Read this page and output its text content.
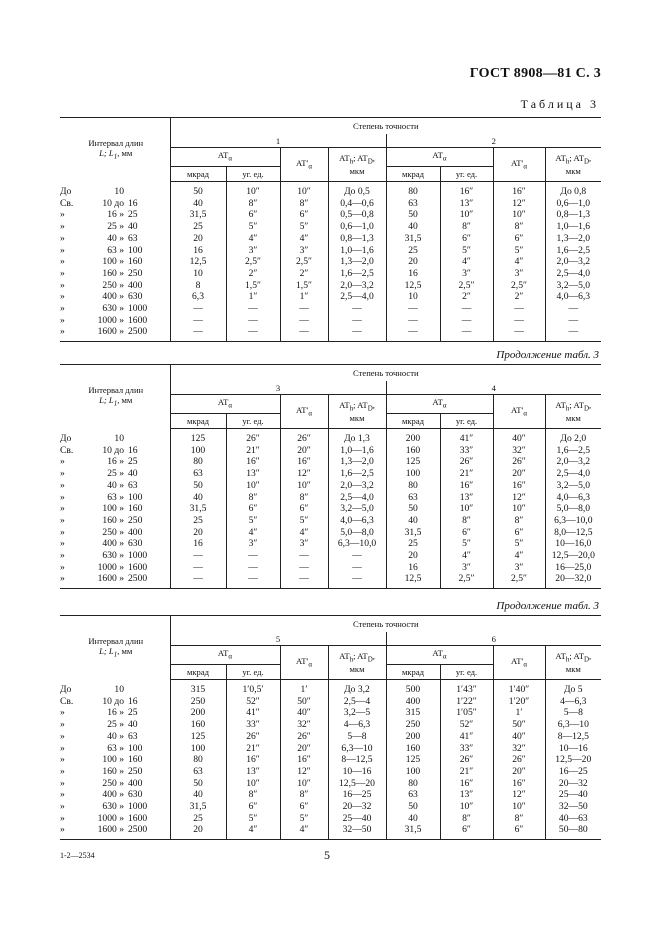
ГОСТ 8908—81 С. 3
Таблица 3
Интервал длин
L; $L_1$, мм	Степень точности							
	1				2			
	$AT_\alpha$		$AT'_\alpha$	$AT_h$; $AT_D$,
мкм	$AT_\alpha$		$AT'_\alpha$	$AT_h$; $AT_D$,
мкм
	мкрад	уг. ед.			мкрад	уг. ед.		

До 10	50	10″	10″	До 0,5	80	16″	16″	До 0,8

Св. 10 до 16	40	8″	8″	0,4—0,6	63	13″	12″	0,6—1,0

» 16 » 25	31,5	6″	6″	0,5—0,8	50	10″	10″	0,8—1,3

» 25 » 40	25	5″	5″	0,6—1,0	40	8″	8″	1,0—1,6

» 40 » 63	20	4″	4″	0,8—1,3	31,5	6″	6″	1,3—2,0

» 63 » 100	16	3″	3″	1,0—1,6	25	5″	5″	1,6—2,5

» 100 » 160	12,5	2,5″	2,5″	1,3—2,0	20	4″	4″	2,0—3,2

» 160 » 250	10	2″	2″	1,6—2,5	16	3″	3″	2,5—4,0

» 250 » 400	8	1,5″	1,5″	2,0—3,2	12,5	2,5″	2,5″	3,2—5,0

» 400 » 630	6,3	1″	1″	2,5—4,0	10	2″	2″	4,0—6,3

» 630 » 1000	—	—	—	—	—	—	—	—

» 1000 » 1600	—	—	—	—	—	—	—	—

» 1600 » 2500	—	—	—	—	—	—	—	—
Продолжение табл. 3
Интервал длин
L; $L_1$, мм	Степень точности							
	3				4			
	$AT_\alpha$		$AT'_\alpha$	$AT_h$; $AT_D$,
мкм	$AT_\alpha$		$AT'_\alpha$	$AT_h$; $AT_D$,
мкм
	мкрад	уг. ед.			мкрад	уг. ед.		

До 10	125	26″	26″	До 1,3	200	41″	40″	До 2,0

Св. 10 до 16	100	21″	20″	1,0—1,6	160	33″	32″	1,6—2,5

» 16 » 25	80	16″	16″	1,3—2,0	125	26″	26″	2,0—3,2

» 25 » 40	63	13″	12″	1,6—2,5	100	21″	20″	2,5—4,0

» 40 » 63	50	10″	10″	2,0—3,2	80	16″	16″	3,2—5,0

» 63 » 100	40	8″	8″	2,5—4,0	63	13″	12″	4,0—6,3

» 100 » 160	31,5	6″	6″	3,2—5,0	50	10″	10″	5,0—8,0

» 160 » 250	25	5″	5″	4,0—6,3	40	8″	8″	6,3—10,0

» 250 » 400	20	4″	4″	5,0—8,0	31,5	6″	6″	8,0—12,5

» 400 » 630	16	3″	3″	6,3—10,0	25	5″	5″	10—16,0

» 630 » 1000	—	—	—	—	20	4″	4″	12,5—20,0

» 1000 » 1600	—	—	—	—	16	3″	3″	16—25,0

» 1600 » 2500	—	—	—	—	12,5	2,5″	2,5″	20—32,0
Продолжение табл. 3
Интервал длин
L; $L_1$, мм	Степень точности							
	5				6			
	$AT_\alpha$		$AT'_\alpha$	$AT_h$; $AT_D$,
мкм	$AT_\alpha$		$AT'_\alpha$	$AT_h$; $AT_D$,
мкм
	мкрад	уг. ед.			мкрад	уг. ед.		

До 10	315	1′0,5′	1′	До 3,2	500	1′43″	1′40″	До 5

Св. 10 до 16	250	52″	50″	2,5—4	400	1′22″	1′20″	4—6,3

» 16 » 25	200	41″	40″	3,2—5	315	1′05″	1′	5—8

» 25 » 40	160	33″	32″	4—6,3	250	52″	50″	6,3—10

» 40 » 63	125	26″	26″	5—8	200	41″	40″	8—12,5

» 63 » 100	100	21″	20″	6,3—10	160	33″	32″	10—16

» 100 » 160	80	16″	16″	8—12,5	125	26″	26″	12,5—20

» 160 » 250	63	13″	12″	10—16	100	21″	20″	16—25

» 250 » 400	50	10″	10″	12,5—20	80	16″	16″	20—32

» 400 » 630	40	8″	8″	16—25	63	13″	12″	25—40

» 630 » 1000	31,5	6″	6″	20—32	50	10″	10″	32—50

» 1000 » 1600	25	5″	5″	25—40	40	8″	8″	40—63

» 1600 » 2500	20	4″	4″	32—50	31,5	6″	6″	50—80
1-2—2534	5
